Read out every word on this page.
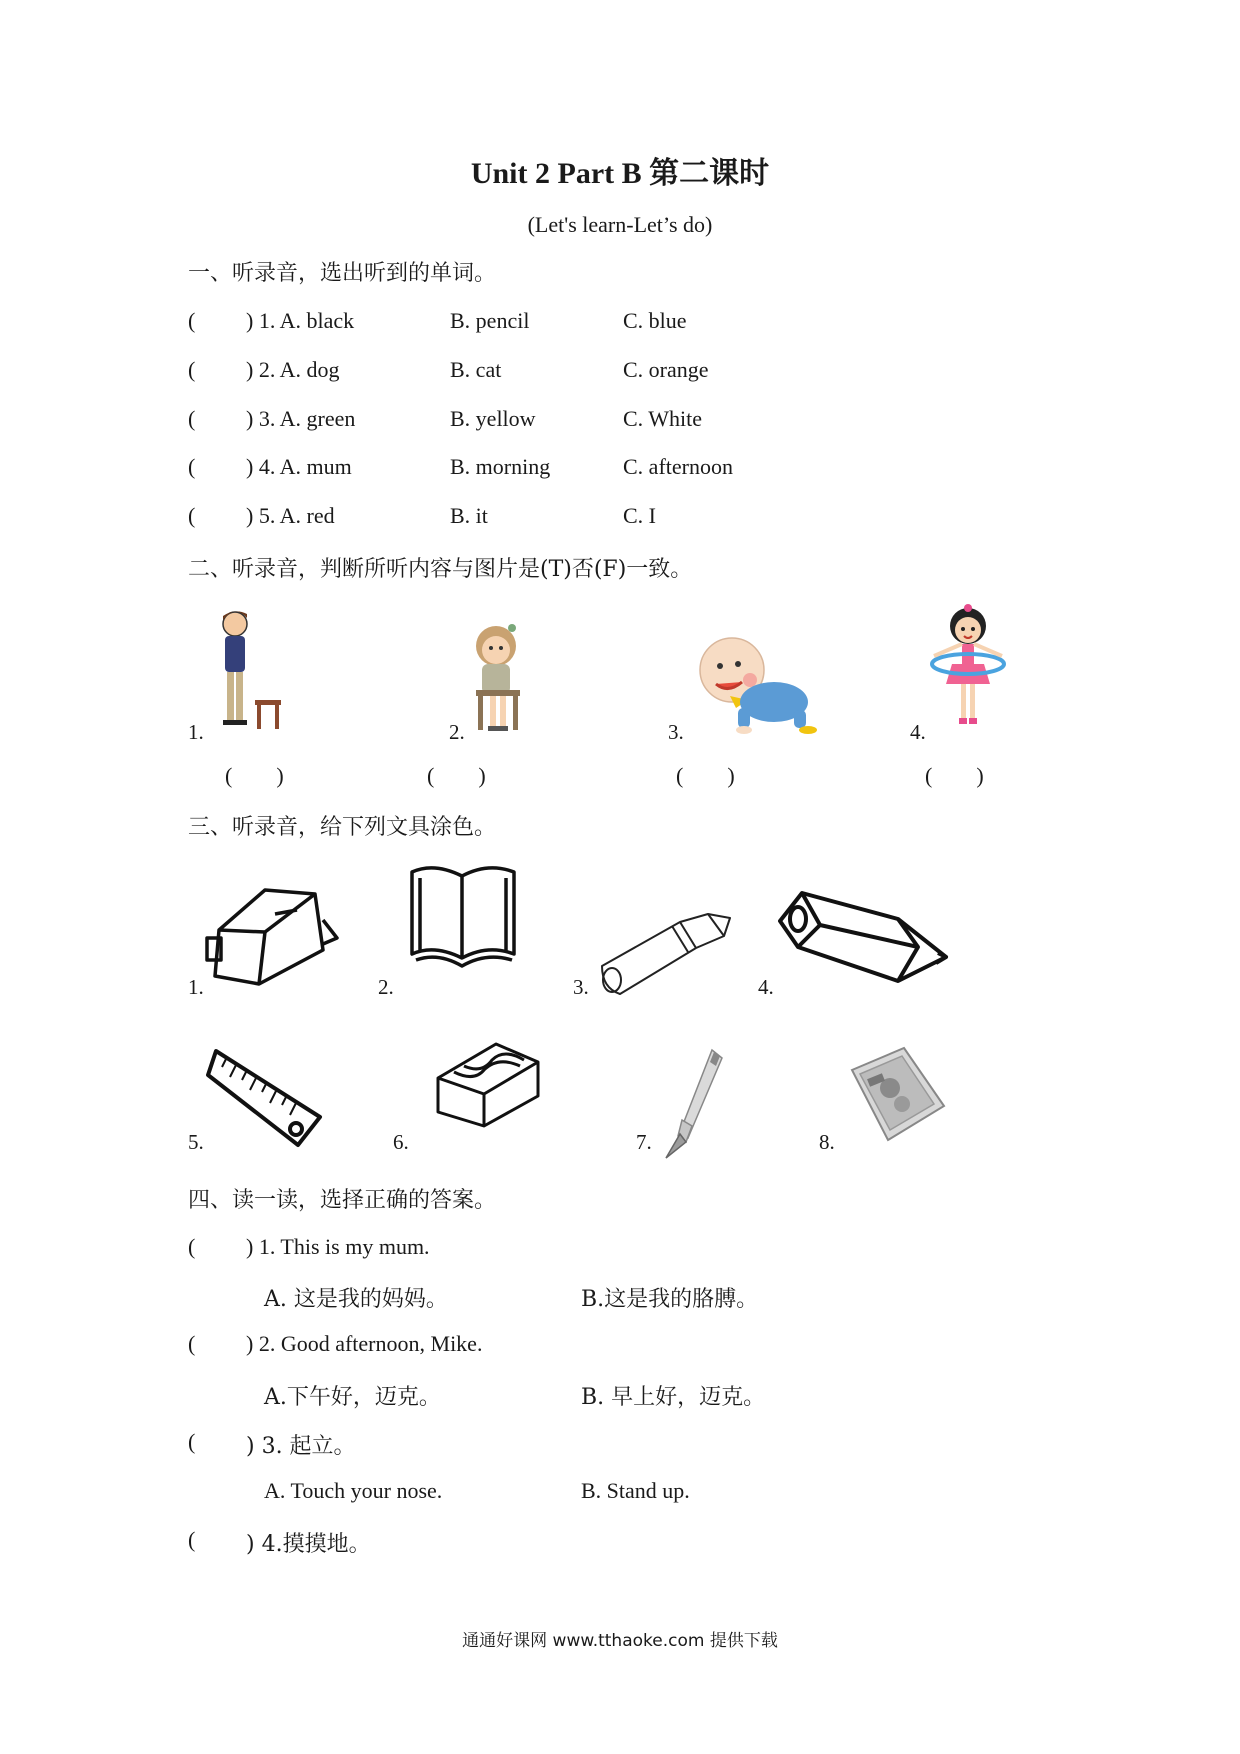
Unit 2 Part B 第二课时
(Let's learn-Let’s do)
一、听录音，选出听到的单词。
( ) 1. A. black	B. pencil	C. blue
( ) 2. A. dog	B. cat	C. orange
( ) 3. A. green	B. yellow	C. White
( ) 4. A. mum	B. morning	C. afternoon
( ) 5. A. red	B. it	C. I
二、听录音，判断所听内容与图片是(T)否(F)一致。
1.	2.	3.	4.
(        )	(        )	(        )	(        )
三、听录音，给下列文具涂色。
1.	2.	3.	4.
5.	6.	7.	8.
四、读一读，选择正确的答案。
( ) 1. This is my mum.
A. 这是我的妈妈。	B.这是我的胳膊。
( ) 2. Good afternoon, Mike.
A.下午好，迈克。	B. 早上好，迈克。
( ) 3. 起立。
A. Touch your nose.	B. Stand up.
( ) 4.摸摸地。
通通好课网 www.tthaoke.com 提供下载
